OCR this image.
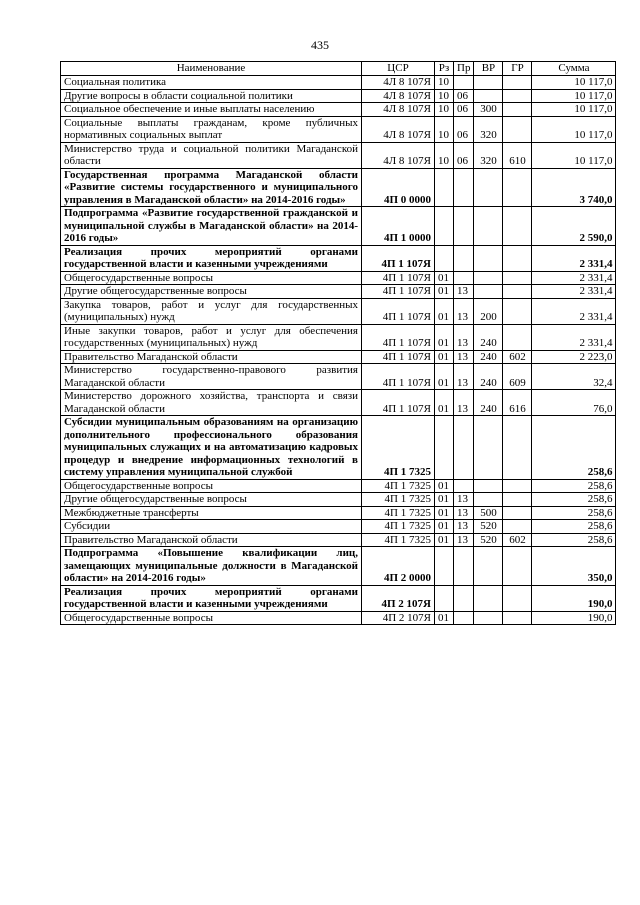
435
Наименование	ЦСР	Рз	Пр	ВР	ГР	Сумма
Социальная политика	4Л 8 107Я	10				10 117,0
Другие вопросы в области социальной политики	4Л 8 107Я	10	06			10 117,0
Социальное обеспечение и иные выплаты населению	4Л 8 107Я	10	06	300		10 117,0
Социальные выплаты гражданам, кроме публичных нормативных социальных выплат	4Л 8 107Я	10	06	320		10 117,0
Министерство труда и социальной политики Магаданской области	4Л 8 107Я	10	06	320	610	10 117,0
Государственная программа Магаданской области «Развитие системы государственного и муниципального управления в Магаданской области» на 2014-2016 годы»	4П 0 0000					3 740,0
Подпрограмма «Развитие государственной гражданской и муниципальной службы в Магаданской области» на 2014-2016 годы»	4П 1 0000					2 590,0
Реализация прочих мероприятий органами государственной власти и казенными учреждениями	4П 1 107Я					2 331,4
Общегосударственные вопросы	4П 1 107Я	01				2 331,4
Другие общегосударственные вопросы	4П 1 107Я	01	13			2 331,4
Закупка товаров, работ и услуг для государственных (муниципальных) нужд	4П 1 107Я	01	13	200		2 331,4
Иные закупки товаров, работ и услуг для обеспечения государственных (муниципальных) нужд	4П 1 107Я	01	13	240		2 331,4
Правительство Магаданской области	4П 1 107Я	01	13	240	602	2 223,0
Министерство государственно-правового развития Магаданской области	4П 1 107Я	01	13	240	609	32,4
Министерство дорожного хозяйства, транспорта и связи Магаданской области	4П 1 107Я	01	13	240	616	76,0
Субсидии муниципальным образованиям на организацию дополнительного профессионального образования муниципальных служащих и на автоматизацию кадровых процедур и внедрение информационных технологий в систему управления муниципальной службой	4П 1 7325					258,6
Общегосударственные вопросы	4П 1 7325	01				258,6
Другие общегосударственные вопросы	4П 1 7325	01	13			258,6
Межбюджетные трансферты	4П 1 7325	01	13	500		258,6
Субсидии	4П 1 7325	01	13	520		258,6
Правительство Магаданской области	4П 1 7325	01	13	520	602	258,6
Подпрограмма «Повышение квалификации лиц, замещающих муниципальные должности в Магаданской области» на 2014-2016 годы»	4П 2 0000					350,0
Реализация прочих мероприятий органами государственной власти и казенными учреждениями	4П 2 107Я					190,0
Общегосударственные вопросы	4П 2 107Я	01				190,0
